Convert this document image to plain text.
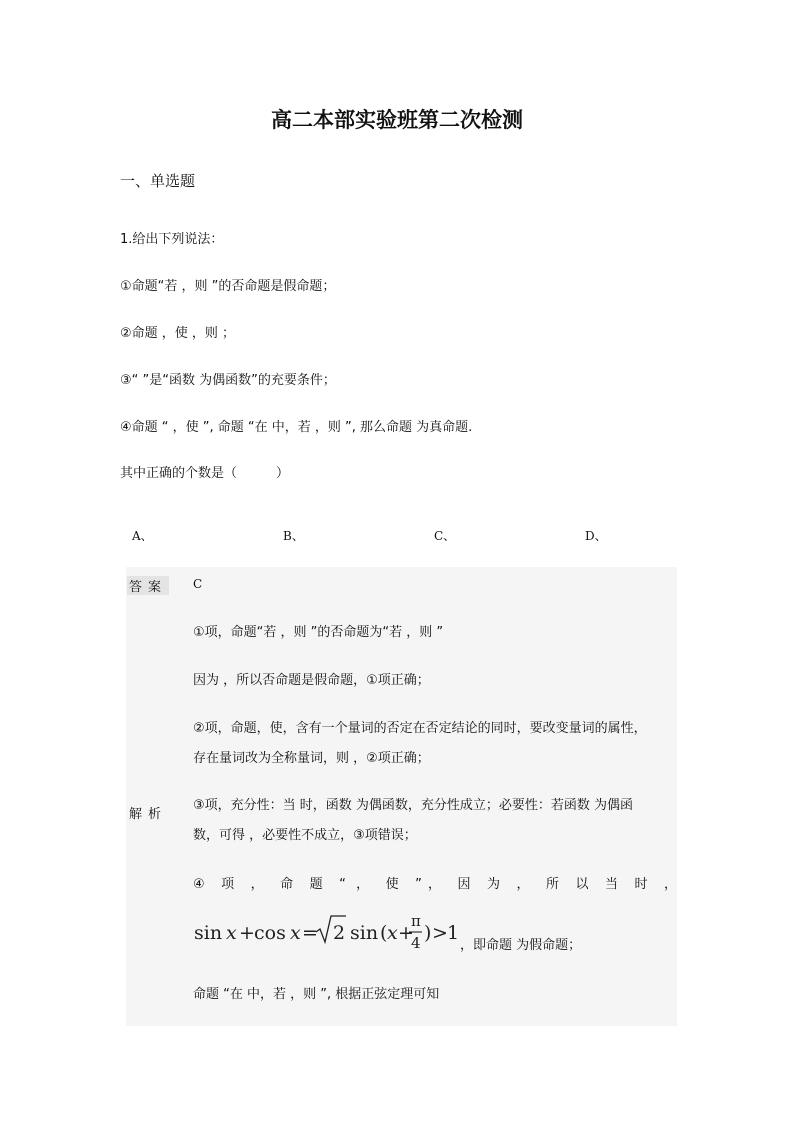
高二本部实验班第二次检测
一、单选题
1.给出下列说法：
①命题“若 ，则 ”的否命题是假命题；
②命题 ，使 ，则 ；
③“ ”是“函数 为偶函数”的充要条件；
④命题 “ ，使 ”, 命题 “在 中，若 ，则 ”, 那么命题 为真命题.
其中正确的个数是（　　　）
A、	B、	C、	D、
答案 C
①项，命题“若 ，则 ”的否命题为“若 ，则 ”
因为 ，所以否命题是假命题，①项正确；
②项，命题，使，含有一个量词的否定在否定结论的同时，要改变量词的属性，
存在量词改为全称量词，则 ，②项正确；
解析
③项，充分性：当 时，函数 为偶函数，充分性成立；必要性：若函数 为偶函
数，可得 ，必要性不成立，③项错误；
④ 项 ， 命 题 “ ， 使 ”， 因 为 ， 所 以 当 时 ，
sin x + cos x = 2 sin ( x +
π
4 ) > 1
，即命题 为假命题；
命题 “在 中，若 ，则 ”, 根据正弦定理可知
